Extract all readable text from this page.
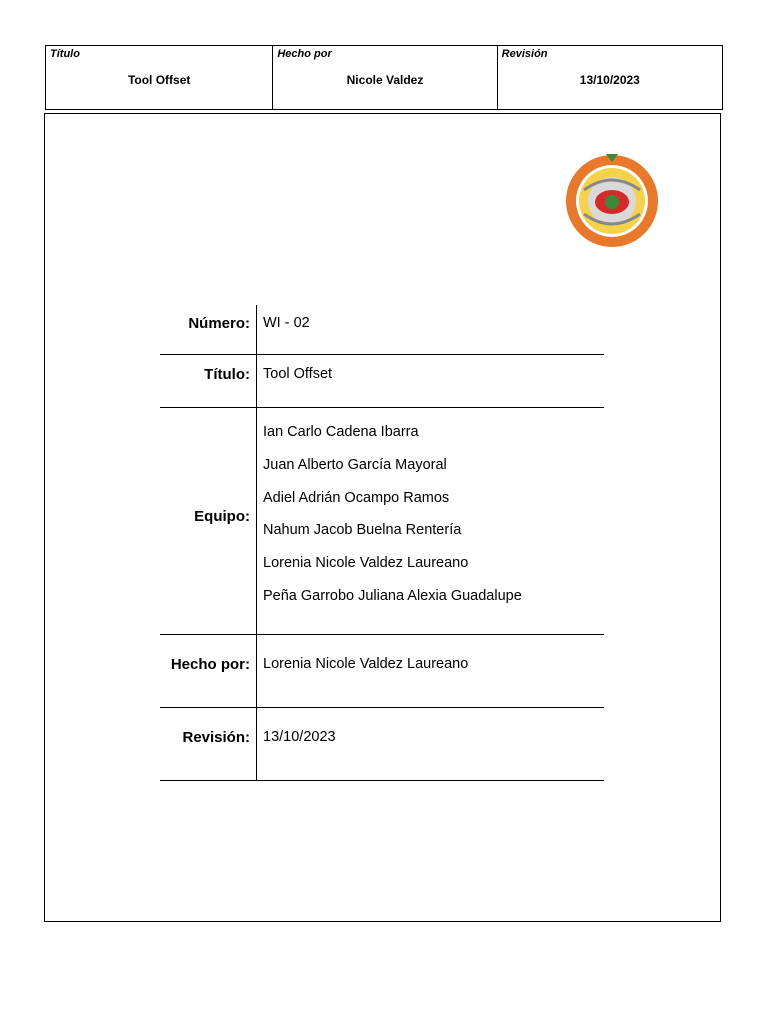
Título
Tool Offset
Hecho por
Nicole Valdez
Revisión
13/10/2023
Número: WI - 02
Título: Tool Offset
Equipo:
Ian Carlo Cadena Ibarra
Juan Alberto García Mayoral
Adiel Adrián Ocampo Ramos
Nahum Jacob Buelna Rentería
Lorenia Nicole Valdez Laureano
Peña Garrobo Juliana Alexia Guadalupe
Hecho por: Lorenia Nicole Valdez Laureano
Revisión: 13/10/2023
